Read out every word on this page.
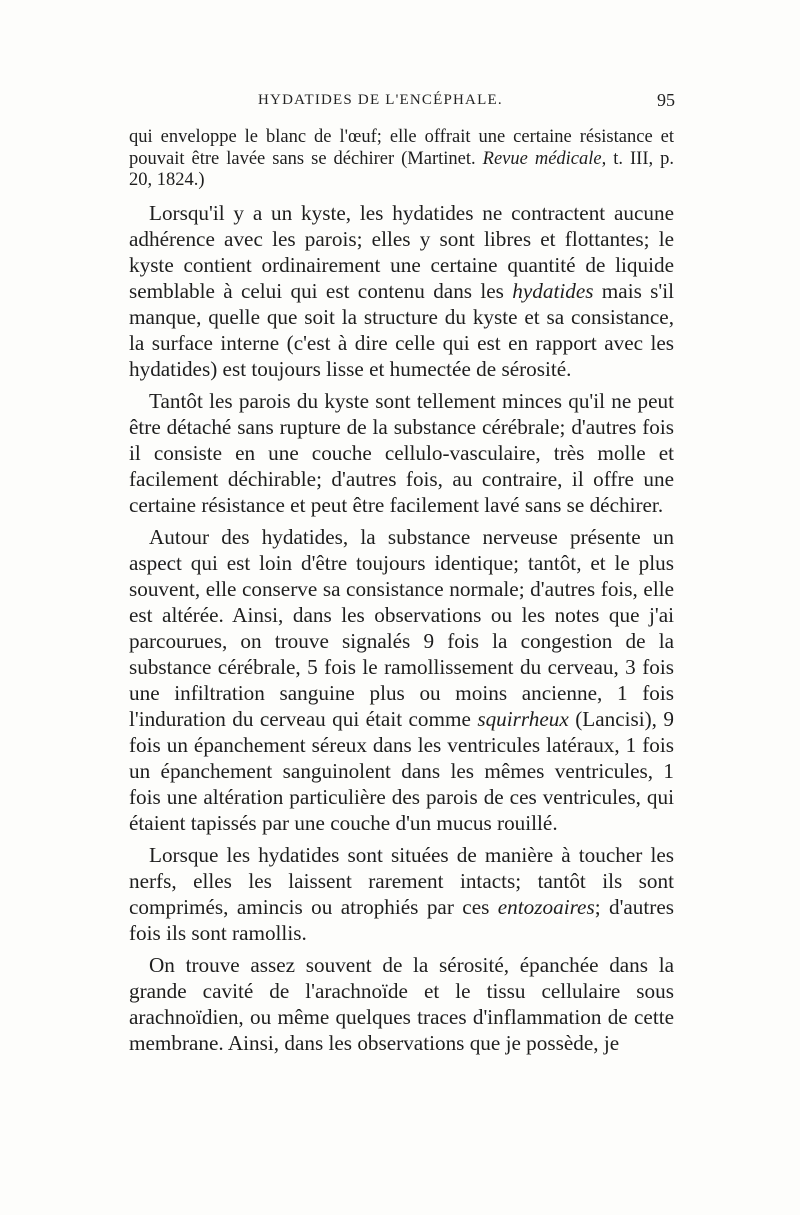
HYDATIDES DE L'ENCÉPHALE.	95

qui enveloppe le blanc de l'œuf; elle offrait une certaine résistance et pouvait être lavée sans se déchirer (Martinet. Revue médicale, t. III, p. 20, 1824.)

Lorsqu'il y a un kyste, les hydatides ne contractent aucune adhérence avec les parois; elles y sont libres et flottantes; le kyste contient ordinairement une certaine quantité de liquide semblable à celui qui est contenu dans les hydatides mais s'il manque, quelle que soit la structure du kyste et sa consistance, la surface interne (c'est à dire celle qui est en rapport avec les hydatides) est toujours lisse et humectée de sérosité.

Tantôt les parois du kyste sont tellement minces qu'il ne peut être détaché sans rupture de la substance cérébrale; d'autres fois il consiste en une couche cellulo-vasculaire, très molle et facilement déchirable; d'autres fois, au contraire, il offre une certaine résistance et peut être facilement lavé sans se déchirer.

Autour des hydatides, la substance nerveuse présente un aspect qui est loin d'être toujours identique; tantôt, et le plus souvent, elle conserve sa consistance normale; d'autres fois, elle est altérée. Ainsi, dans les observations ou les notes que j'ai parcourues, on trouve signalés 9 fois la congestion de la substance cérébrale, 5 fois le ramollissement du cerveau, 3 fois une infiltration sanguine plus ou moins ancienne, 1 fois l'induration du cerveau qui était comme squirrheux (Lancisi), 9 fois un épanchement séreux dans les ventricules latéraux, 1 fois un épanchement sanguinolent dans les mêmes ventricules, 1 fois une altération particulière des parois de ces ventricules, qui étaient tapissés par une couche d'un mucus rouillé.

Lorsque les hydatides sont situées de manière à toucher les nerfs, elles les laissent rarement intacts; tantôt ils sont comprimés, amincis ou atrophiés par ces entozoaires; d'autres fois ils sont ramollis.

On trouve assez souvent de la sérosité, épanchée dans la grande cavité de l'arachnoïde et le tissu cellulaire sous arachnoïdien, ou même quelques traces d'inflammation de cette membrane. Ainsi, dans les observations que je possède, je
